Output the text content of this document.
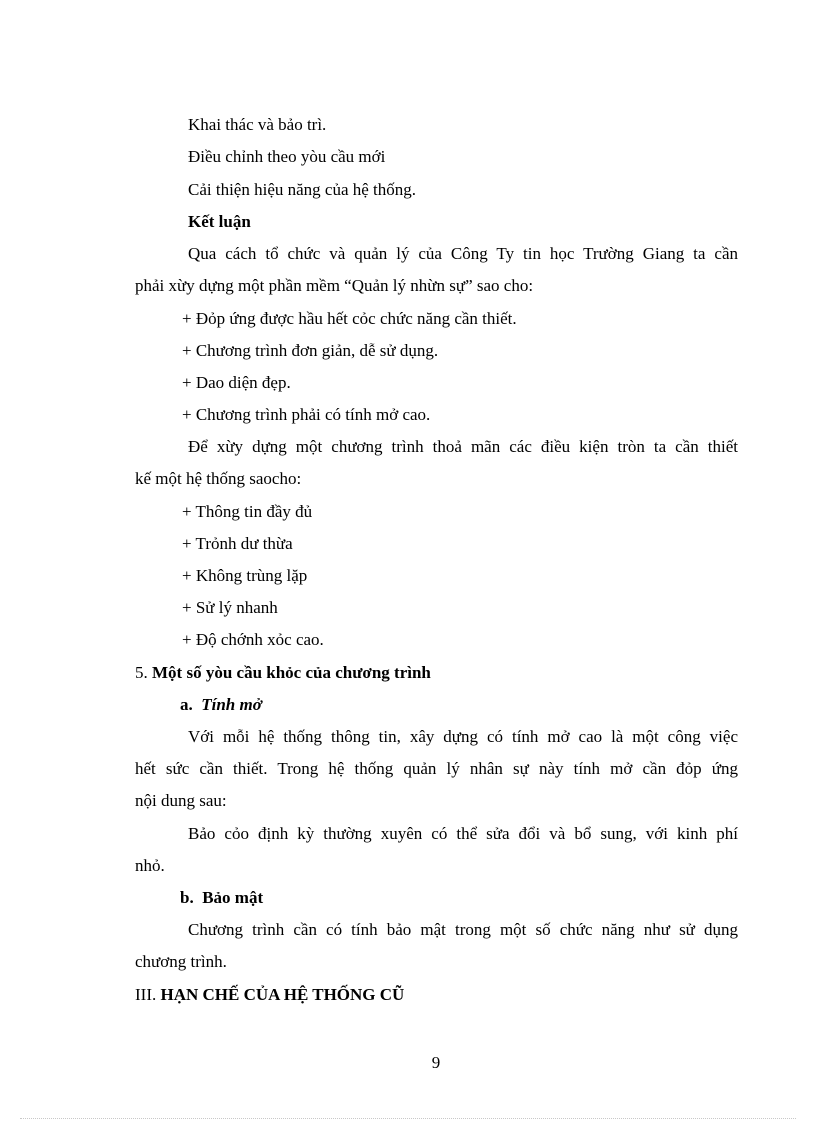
Khai thác và bảo trì.
Điều chỉnh theo yòu cầu mới
Cải thiện hiệu năng của hệ thống.
Kết luận
Qua cách tổ chức và quản lý của Công Ty tin học Trường Giang ta cần
phải xừy dựng một phần mềm “Quản lý nhừn sự” sao cho:
+ Đỏp ứng được hầu hết cỏc chức năng cần thiết.
+ Chương trình đơn giản, dễ sử dụng.
+ Dao diện đẹp.
+ Chương trình phải có tính mở cao.
Để xừy dựng một chương trình thoả mãn các điều kiện tròn ta cần thiết
kế một hệ thống saocho:
+ Thông tin đầy đủ
+ Trỏnh dư thừa
+ Không trùng lặp
+ Sử lý nhanh
+ Độ chớnh xỏc cao.
5. Một số yòu cầu khỏc của chương trình
a. Tính mở
Với mỗi hệ thống thông tin, xây dựng có tính mở cao là một công việc
hết sức cần thiết. Trong hệ thống quản lý nhân sự này tính mở cần đỏp ứng
nội dung sau:
Bảo cỏo định kỳ thường xuyên có thể sửa đổi và bổ sung, với kinh phí
nhỏ.
b. Bảo mật
Chương trình cần có tính bảo mật trong một số chức năng như sử dụng
chương trình.
III. HẠN CHẾ CỦA HỆ THỐNG CŨ
9
